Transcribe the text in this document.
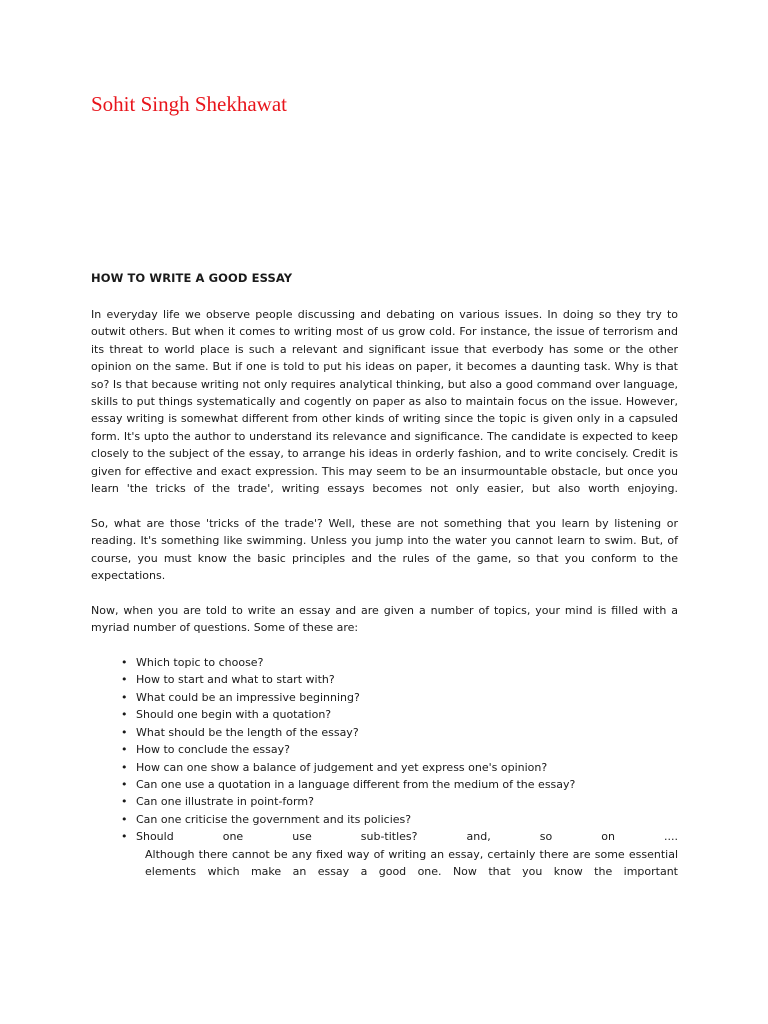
Sohit Singh Shekhawat
HOW TO WRITE A GOOD ESSAY

In everyday life we observe people discussing and debating on various issues. In doing so they try to outwit others. But when it comes to writing most of us grow cold. For instance, the issue of terrorism and its threat to world place is such a relevant and significant issue that everbody has some or the other opinion on the same. But if one is told to put his ideas on paper, it becomes a daunting task. Why is that so? Is that because writing not only requires analytical thinking, but also a good command over language, skills to put things systematically and cogently on paper as also to maintain focus on the issue. However, essay writing is somewhat different from other kinds of writing since the topic is given only in a capsuled form. It's upto the author to understand its relevance and significance. The candidate is expected to keep closely to the subject of the essay, to arrange his ideas in orderly fashion, and to write concisely. Credit is given for effective and exact expression. This may seem to be an insurmountable obstacle, but once you learn 'the tricks of the trade', writing essays becomes not only easier, but also worth enjoying.

So, what are those 'tricks of the trade'? Well, these are not something that you learn by listening or reading. It's something like swimming. Unless you jump into the water you cannot learn to swim. But, of course, you must know the basic principles and the rules of the game, so that you conform to the expectations.

Now, when you are told to write an essay and are given a number of topics, your mind is filled with a myriad number of questions. Some of these are:

• Which topic to choose?
• How to start and what to start with?
• What could be an impressive beginning?
• Should one begin with a quotation?
• What should be the length of the essay?
• How to conclude the essay?
• How can one show a balance of judgement and yet express one's opinion?
• Can one use a quotation in a language different from the medium of the essay?
• Can one illustrate in point-form?
• Can one criticise the government and its policies?
• Should one use sub-titles? and, so on ....
Although there cannot be any fixed way of writing an essay, certainly there are some essential elements which make an essay a good one. Now that you know the important
